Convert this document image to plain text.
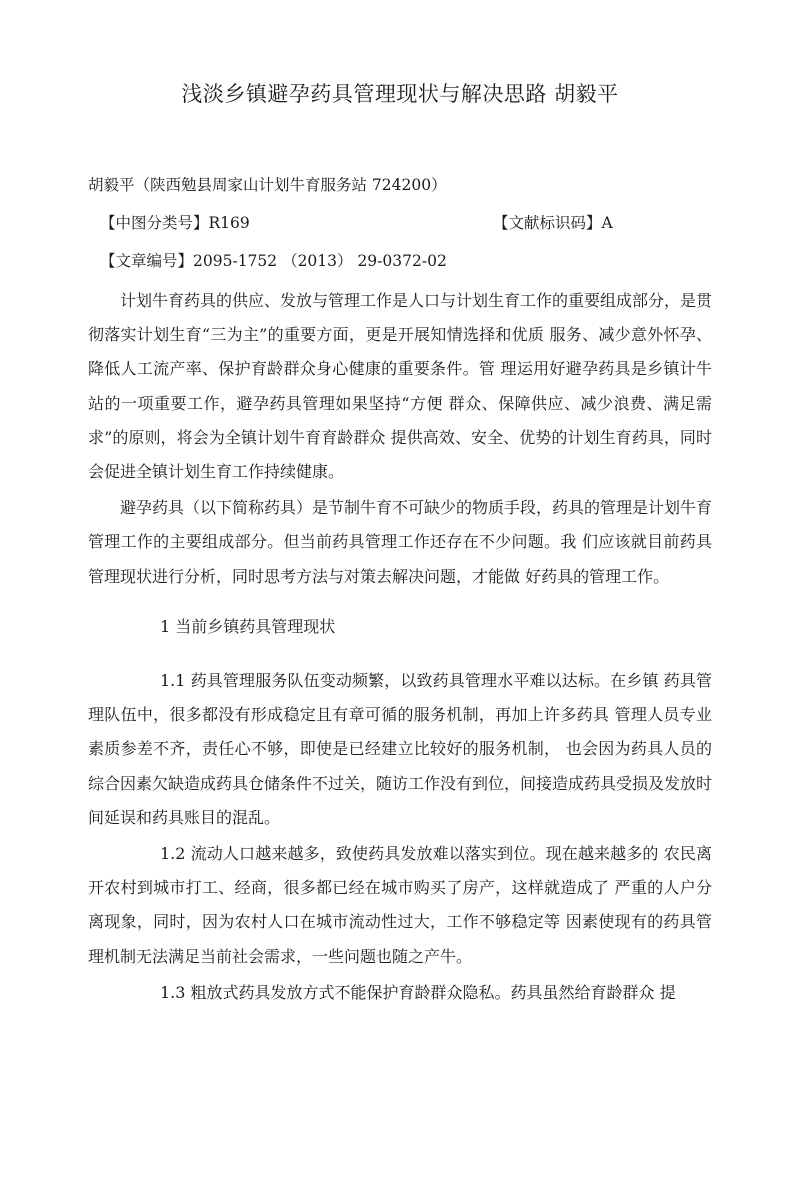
浅淡乡镇避孕药具管理现状与解决思路 胡毅平

胡毅平（陕西勉县周家山计划牛育服务站 724200）

【中图分类号】R169	【文献标识码】A

【文章编号】2095-1752 （2013） 29-0372-02

计划牛育药具的供应、发放与管理工作是人口与计划生育工作的重要组成部分，是贯彻落实计划生育“三为主”的重要方面，更是开展知情选择和优质 服务、减少意外怀孕、降低人工流产率、保护育龄群众身心健康的重要条件。管 理运用好避孕药具是乡镇计牛站的一项重要工作，避孕药具管理如果坚持“方便 群众、保障供应、减少浪费、满足需求”的原则，将会为全镇计划牛育育龄群众 提供高效、安全、优势的计划生育药具，同时会促进全镇计划生育工作持续健康。

避孕药具（以下简称药具）是节制牛育不可缺少的物质手段，药具的管理是计划牛育管理工作的主要组成部分。但当前药具管理工作还存在不少问题。我 们应该就目前药具管理现状进行分析，同时思考方法与对策去解决问题，才能做 好药具的管理工作。

1 当前乡镇药具管理现状

1.1 药具管理服务队伍变动频繁，以致药具管理水平难以达标。在乡镇 药具管理队伍中，很多都没有形成稳定且有章可循的服务机制，再加上许多药具 管理人员专业素质参差不齐，责任心不够，即使是已经建立比较好的服务机制， 也会因为药具人员的综合因素欠缺造成药具仓储条件不过关，随访工作没有到位，间接造成药具受损及发放时间延误和药具账目的混乱。

1.2 流动人口越来越多，致使药具发放难以落实到位。现在越来越多的 农民离开农村到城市打工、经商，很多都已经在城市购买了房产，这样就造成了 严重的人户分离现象，同时，因为农村人口在城市流动性过大，工作不够稳定等 因素使现有的药具管理机制无法满足当前社会需求，一些问题也随之产牛。

1.3 粗放式药具发放方式不能保护育龄群众隐私。药具虽然给育龄群众 提
